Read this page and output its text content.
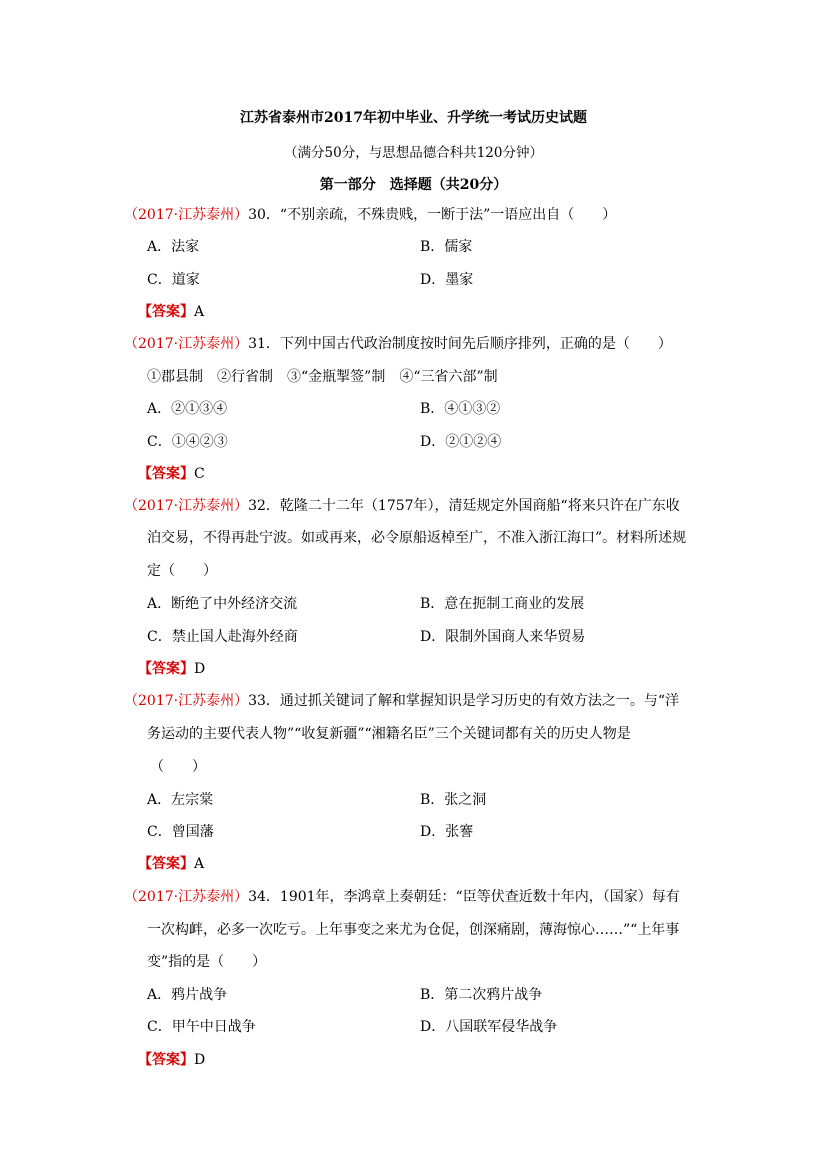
江苏省泰州市2017年初中毕业、升学统一考试历史试题
（满分50分，与思想品德合科共120分钟）
第一部分　选择题（共20分）
（2017·江苏泰州）30．“不别亲疏，不殊贵贱，一断于法”一语应出自（　　）
A．法家	B．儒家
C．道家	D．墨家
【答案】A
（2017·江苏泰州）31．下列中国古代政治制度按时间先后顺序排列，正确的是（　　）
①郡县制　②行省制　③“金瓶掣签”制　④“三省六部”制
A．②①③④	B．④①③②
C．①④②③	D．②①②④
【答案】C
（2017·江苏泰州）32．乾隆二十二年（1757年），清廷规定外国商船“将来只许在广东收
泊交易，不得再赴宁波。如或再来，必令原船返棹至广，不准入浙江海口”。材料所述规
定（　　）
A．断绝了中外经济交流	B．意在扼制工商业的发展
C．禁止国人赴海外经商	D．限制外国商人来华贸易
【答案】D
（2017·江苏泰州）33．通过抓关键词了解和掌握知识是学习历史的有效方法之一。与“洋
务运动的主要代表人物”“收复新疆”“湘籍名臣”三个关键词都有关的历史人物是
（　　）
A．左宗棠	B．张之洞
C．曾国藩	D．张謇
【答案】A
（2017·江苏泰州）34．1901年，李鸿章上奏朝廷：“臣等伏查近数十年内，（国家）每有
一次构衅，必多一次吃亏。上年事变之来尤为仓促，创深痛剧，薄海惊心……”“上年事
变”指的是（　　）
A．鸦片战争	B．第二次鸦片战争
C．甲午中日战争	D．八国联军侵华战争
【答案】D
